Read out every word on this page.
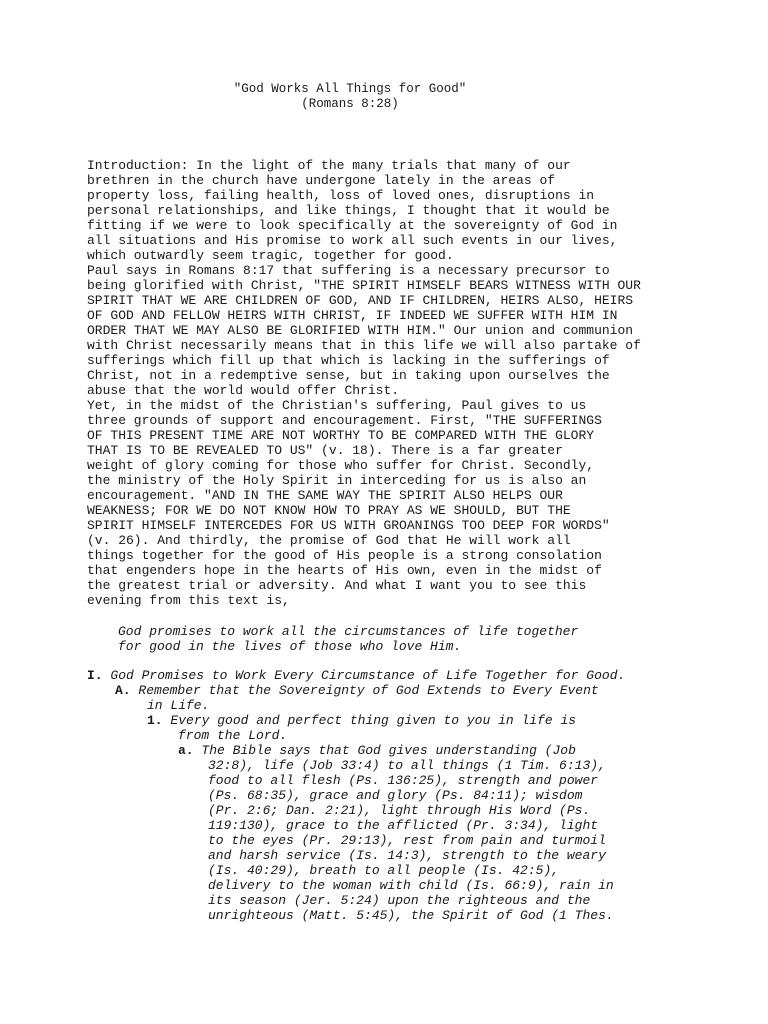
"God Works All Things for Good"
(Romans 8:28)

Introduction: In the light of the many trials that many of our

brethren in the church have undergone lately in the areas of

property loss, failing health, loss of loved ones, disruptions in

personal relationships, and like things, I thought that it would be

fitting if we were to look specifically at the sovereignty of God in

all situations and His promise to work all such events in our lives,

which outwardly seem tragic, together for good.

Paul says in Romans 8:17 that suffering is a necessary precursor to

being glorified with Christ, "THE SPIRIT HIMSELF BEARS WITNESS WITH OUR

SPIRIT THAT WE ARE CHILDREN OF GOD, AND IF CHILDREN, HEIRS ALSO, HEIRS

OF GOD AND FELLOW HEIRS WITH CHRIST, IF INDEED WE SUFFER WITH HIM IN

ORDER THAT WE MAY ALSO BE GLORIFIED WITH HIM." Our union and communion

with Christ necessarily means that in this life we will also partake of

sufferings which fill up that which is lacking in the sufferings of

Christ, not in a redemptive sense, but in taking upon ourselves the

abuse that the world would offer Christ.

Yet, in the midst of the Christian's suffering, Paul gives to us

three grounds of support and encouragement. First, "THE SUFFERINGS

OF THIS PRESENT TIME ARE NOT WORTHY TO BE COMPARED WITH THE GLORY

THAT IS TO BE REVEALED TO US" (v. 18). There is a far greater

weight of glory coming for those who suffer for Christ. Secondly,

the ministry of the Holy Spirit in interceding for us is also an

encouragement. "AND IN THE SAME WAY THE SPIRIT ALSO HELPS OUR

WEAKNESS; FOR WE DO NOT KNOW HOW TO PRAY AS WE SHOULD, BUT THE

SPIRIT HIMSELF INTERCEDES FOR US WITH GROANINGS TOO DEEP FOR WORDS"

(v. 26). And thirdly, the promise of God that He will work all

things together for the good of His people is a strong consolation

that engenders hope in the hearts of His own, even in the midst of

the greatest trial or adversity. And what I want you to see this

evening from this text is,

God promises to work all the circumstances of life together

for good in the lives of those who love Him.

I. God Promises to Work Every Circumstance of Life Together for Good.

A. Remember that the Sovereignty of God Extends to Every Event

in Life.

1. Every good and perfect thing given to you in life is

from the Lord.

a. The Bible says that God gives understanding (Job

32:8), life (Job 33:4) to all things (1 Tim. 6:13),

food to all flesh (Ps. 136:25), strength and power

(Ps. 68:35), grace and glory (Ps. 84:11); wisdom

(Pr. 2:6; Dan. 2:21), light through His Word (Ps.

119:130), grace to the afflicted (Pr. 3:34), light

to the eyes (Pr. 29:13), rest from pain and turmoil

and harsh service (Is. 14:3), strength to the weary

(Is. 40:29), breath to all people (Is. 42:5),

delivery to the woman with child (Is. 66:9), rain in

its season (Jer. 5:24) upon the righteous and the

unrighteous (Matt. 5:45), the Spirit of God (1 Thes.
